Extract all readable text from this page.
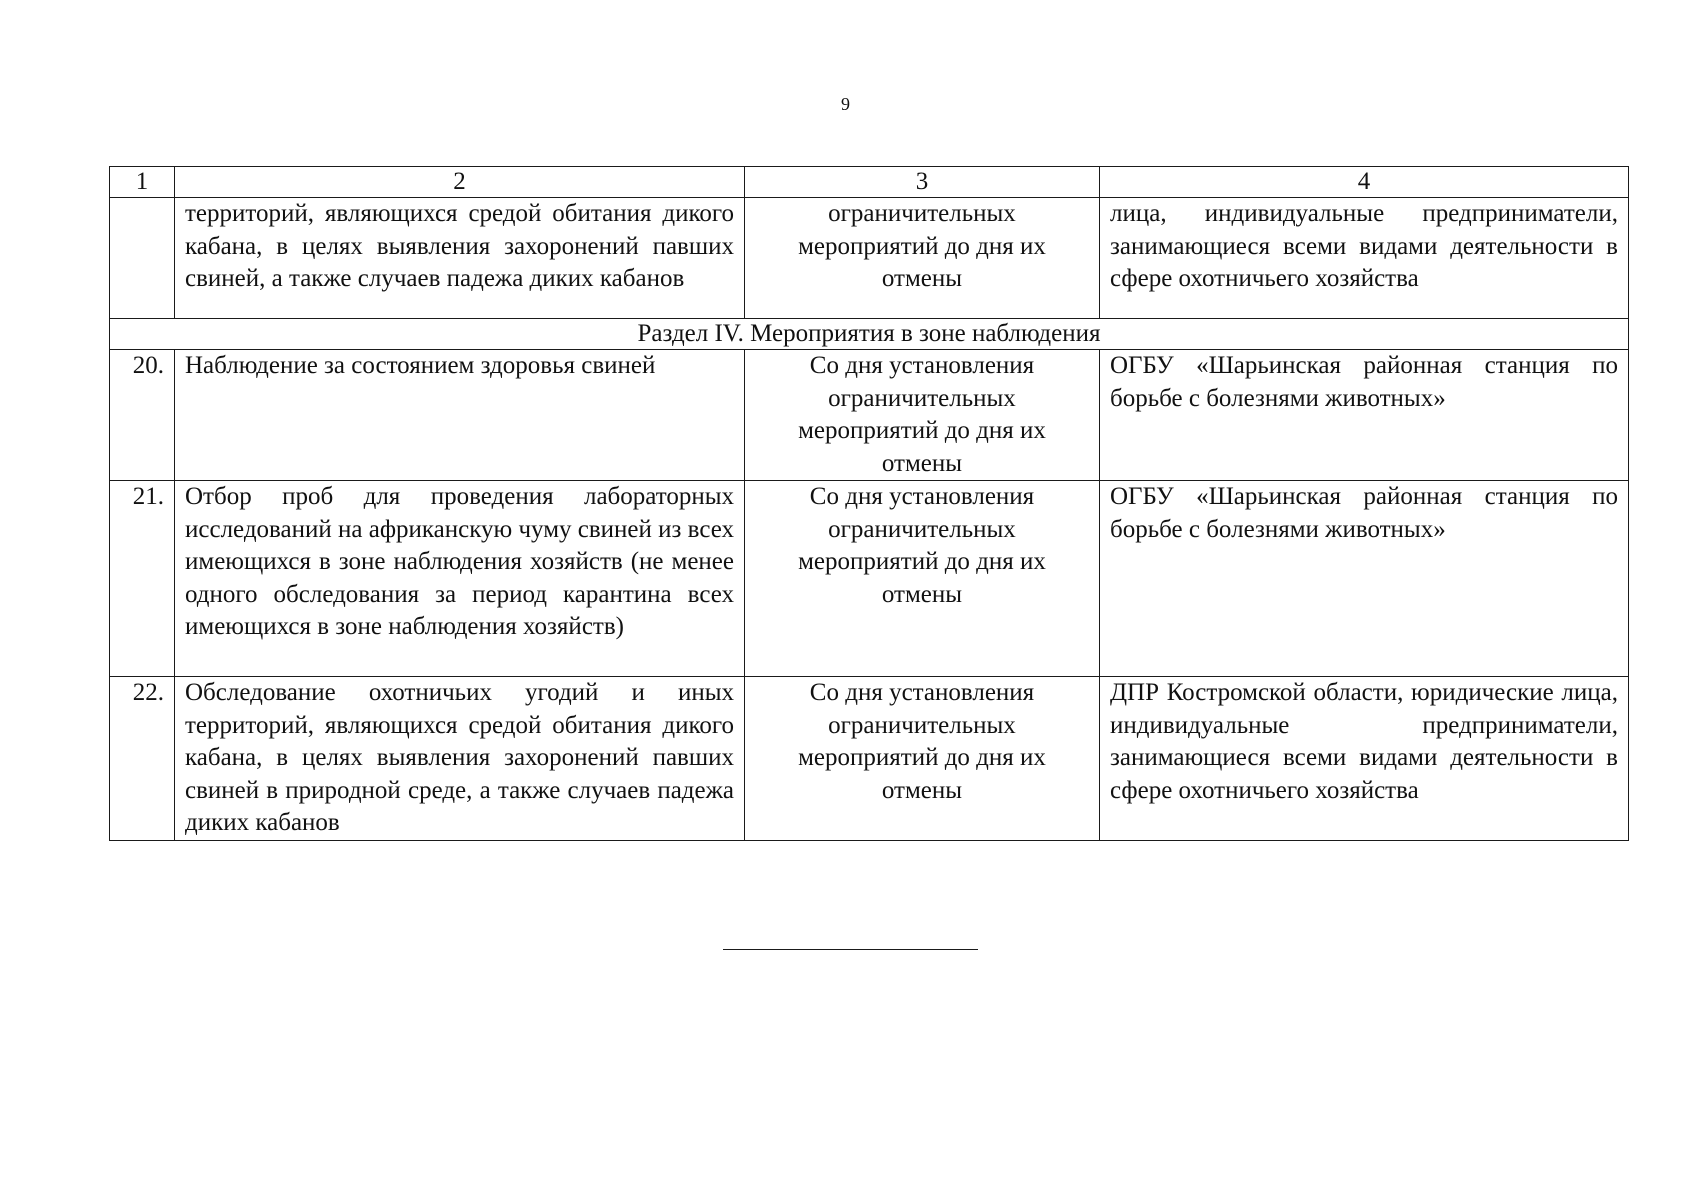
9
1	2	3	4
	территорий, являющихся средой обитания дикого кабана, в целях выявления захоронений павших свиней, а также случаев падежа диких кабанов	ограничительных мероприятий до дня их отмены	лица, индивидуальные предприниматели, занимающиеся всеми видами деятельности в сфере охотничьего хозяйства
Раздел IV. Мероприятия в зоне наблюдения			
20.	Наблюдение за состоянием здоровья свиней	Со дня установления ограничительных мероприятий до дня их отмены	ОГБУ «Шарьинская районная станция по борьбе с болезнями животных»
21.	Отбор проб для проведения лабораторных исследований на африканскую чуму свиней из всех имеющихся в зоне наблюдения хозяйств (не менее одного обследования за период карантина всех имеющихся в зоне наблюдения хозяйств)	Со дня установления ограничительных мероприятий до дня их отмены	ОГБУ «Шарьинская районная станция по борьбе с болезнями животных»
22.	Обследование охотничьих угодий и иных территорий, являющихся средой обитания дикого кабана, в целях выявления захоронений павших свиней в природной среде, а также случаев падежа диких кабанов	Со дня установления ограничительных мероприятий до дня их отмены	ДПР Костромской области, юридические лица, индивидуальные предприниматели, занимающиеся всеми видами деятельности в сфере охотничьего хозяйства
